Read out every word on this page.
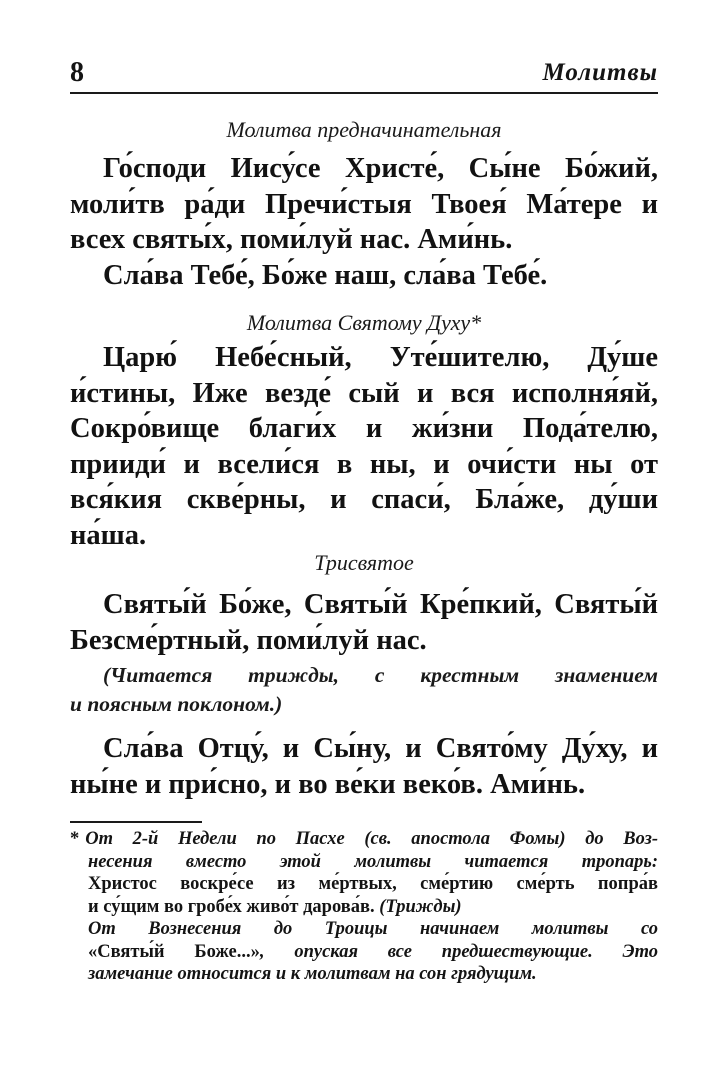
8	Молитвы
Молитва предначинательная
Го́споди Иису́се Христе́, Сы́не Бо́жий,
моли́тв ра́ди Пречи́стыя Твоея́ Ма́тере и
всех святы́х, поми́луй нас. Ами́нь.
Сла́ва Тебе́, Бо́же наш, сла́ва Тебе́.
Молитва Святому Духу*
Царю́ Небе́сный, Уте́шителю, Ду́ше
и́стины, Иже везде́ сый и вся исполня́яй,
Сокро́вище благи́х и жи́зни Пода́телю,
прииди́ и всели́ся в ны, и очи́сти ны от
вся́кия скве́рны, и спаси́, Бла́же, ду́ши
на́ша.
Трисвятое
Святы́й Бо́же, Святы́й Кре́пкий, Святы́й
Безсме́ртный, поми́луй нас.
(Читается трижды, с крестным знамением
и поясным поклоном.)
Сла́ва Отцу́, и Сы́ну, и Свято́му Ду́ху, и
ны́не и при́сно, и во ве́ки веко́в. Ами́нь.
* От 2-й Недели по Пасхе (св. апостола Фомы) до Воз-
несения вместо этой молитвы читается тропарь:
Христос воскре́се из ме́ртвых, сме́ртию сме́рть попра́в
и су́щим во гробе́х живо́т дарова́в. (Трижды)
От Вознесения до Троицы начинаем молитвы со
«Святы́й Боже...», опуская все предшествующие. Это
замечание относится и к молитвам на сон грядущим.
